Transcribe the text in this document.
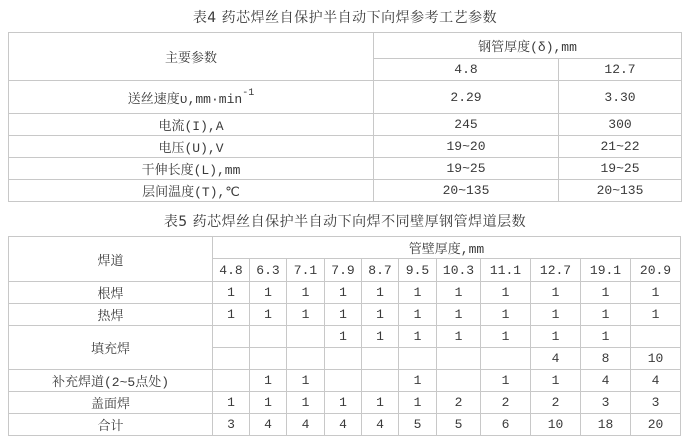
表4 药芯焊丝自保护半自动下向焊参考工艺参数
主要参数	钢管厚度(δ),mm	
	4.8	12.7
送丝速度$\upsilon,mm\cdot\min^{-1}$	2.29	3.30
电流(I),A	245	300
电压(U),V	19~20	21~22
干伸长度(L),mm	19~25	19~25
层间温度(T),℃	20~135	20~135
表5 药芯焊丝自保护半自动下向焊不同壁厚钢管焊道层数
焊道	管壁厚度,mm										
	4.8	6.3	7.1	7.9	8.7	9.5	10.3	11.1	12.7	19.1	20.9
根焊	1	1	1	1	1	1	1	1	1	1	1
热焊	1	1	1	1	1	1	1	1	1	1	1
填充焊				1	1	1	1	1	1	1	
									4	8	10
补充焊道(2~5点处)		1	1			1		1	1	4	4
盖面焊	1	1	1	1	1	1	2	2	2	3	3
合计	3	4	4	4	4	5	5	6	10	18	20
